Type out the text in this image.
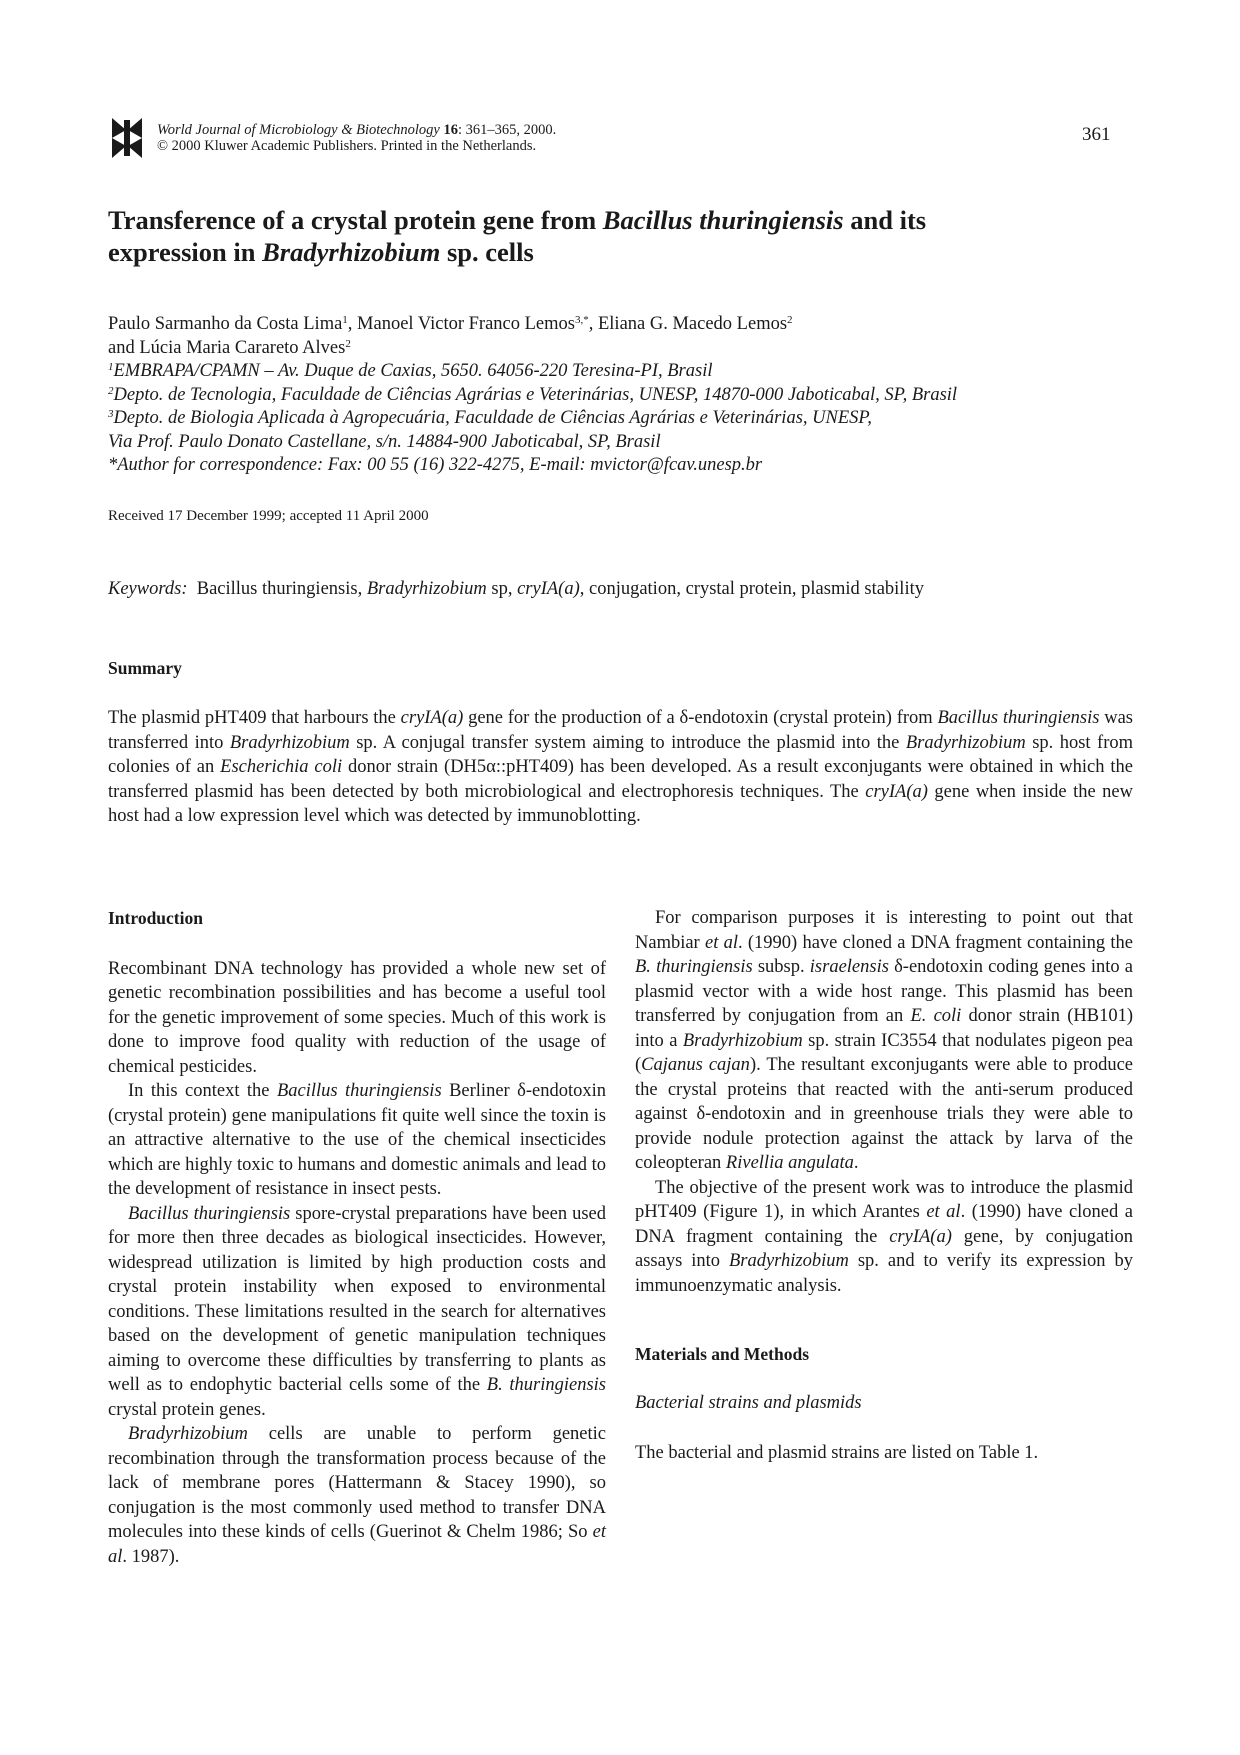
World Journal of Microbiology & Biotechnology 16: 361–365, 2000.
© 2000 Kluwer Academic Publishers. Printed in the Netherlands.
361
Transference of a crystal protein gene from Bacillus thuringiensis and its
expression in Bradyrhizobium sp. cells
Paulo Sarmanho da Costa Lima$^1$, Manoel Victor Franco Lemos$^{3,*}$, Eliana G. Macedo Lemos$^2$
and Lúcia Maria Carareto Alves$^2$
$^1$EMBRAPA/CPAMN – Av. Duque de Caxias, 5650. 64056-220 Teresina-PI, Brasil
$^2$Depto. de Tecnologia, Faculdade de Ciências Agrárias e Veterinárias, UNESP, 14870-000 Jaboticabal, SP, Brasil
$^3$Depto. de Biologia Aplicada à Agropecuária, Faculdade de Ciências Agrárias e Veterinárias, UNESP,
Via Prof. Paulo Donato Castellane, s/n. 14884-900 Jaboticabal, SP, Brasil
*Author for correspondence: Fax: 00 55 (16) 322-4275, E-mail: mvictor@fcav.unesp.br
Received 17 December 1999; accepted 11 April 2000
Keywords: Bacillus thuringiensis, Bradyrhizobium sp, cryIA(a), conjugation, crystal protein, plasmid stability
Summary
The plasmid pHT409 that harbours the cryIA(a) gene for the production of a δ-endotoxin (crystal protein) from Bacillus thuringiensis was transferred into Bradyrhizobium sp. A conjugal transfer system aiming to introduce the plasmid into the Bradyrhizobium sp. host from colonies of an Escherichia coli donor strain (DH5α::pHT409) has been developed. As a result exconjugants were obtained in which the transferred plasmid has been detected by both microbiological and electrophoresis techniques. The cryIA(a) gene when inside the new host had a low expression level which was detected by immunoblotting.

Introduction

Recombinant DNA technology has provided a whole new set of genetic recombination possibilities and has become a useful tool for the genetic improvement of some species. Much of this work is done to improve food quality with reduction of the usage of chemical pesticides.

In this context the Bacillus thuringiensis Berliner δ-endotoxin (crystal protein) gene manipulations fit quite well since the toxin is an attractive alternative to the use of the chemical insecticides which are highly toxic to humans and domestic animals and lead to the development of resistance in insect pests.

Bacillus thuringiensis spore-crystal preparations have been used for more then three decades as biological insecticides. However, widespread utilization is limited by high production costs and crystal protein instability when exposed to environmental conditions. These limitations resulted in the search for alternatives based on the development of genetic manipulation techniques aiming to overcome these difficulties by transferring to plants as well as to endophytic bacterial cells some of the B. thuringiensis crystal protein genes.

Bradyrhizobium cells are unable to perform genetic recombination through the transformation process because of the lack of membrane pores (Hattermann & Stacey 1990), so conjugation is the most commonly used method to transfer DNA molecules into these kinds of cells (Guerinot & Chelm 1986; So et al. 1987).

For comparison purposes it is interesting to point out that Nambiar et al. (1990) have cloned a DNA fragment containing the B. thuringiensis subsp. israelensis δ-endotoxin coding genes into a plasmid vector with a wide host range. This plasmid has been transferred by conjugation from an E. coli donor strain (HB101) into a Bradyrhizobium sp. strain IC3554 that nodulates pigeon pea (Cajanus cajan). The resultant exconjugants were able to produce the crystal proteins that reacted with the anti-serum produced against δ-endotoxin and in greenhouse trials they were able to provide nodule protection against the attack by larva of the coleopteran Rivellia angulata.

The objective of the present work was to introduce the plasmid pHT409 (Figure 1), in which Arantes et al. (1990) have cloned a DNA fragment containing the cryIA(a) gene, by conjugation assays into Bradyrhizobium sp. and to verify its expression by immunoenzymatic analysis.

Materials and Methods

Bacterial strains and plasmids

The bacterial and plasmid strains are listed on Table 1.
